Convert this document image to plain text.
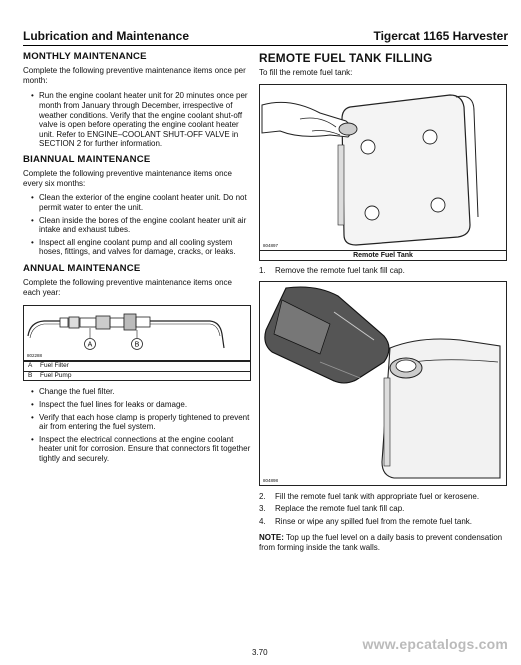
Lubrication and Maintenance	Tigercat 1165 Harvester
MONTHLY MAINTENANCE

Complete the following preventive maintenance items once per month:

• Run the engine coolant heater unit for 20 minutes once per month from January through December, irrespective of weather conditions. Verify that the engine coolant shut-off valve is open before operating the engine coolant heater unit. Refer to ENGINE–COOLANT SHUT-OFF VALVE in SECTION 2 for further information.
BIANNUAL MAINTENANCE

Complete the following preventive maintenance items once every six months:

• Clean the exterior of the engine coolant heater unit. Do not permit water to enter the unit.
• Clean inside the bores of the engine coolant heater unit air intake and exhaust tubes.
• Inspect all engine coolant pump and all cooling system hoses, fittings, and valves for damage, cracks, or leaks.
ANNUAL MAINTENANCE

Complete the following preventive maintenance items once each year:

A	B
802288
A Fuel Filter
B Fuel Pump
• Change the fuel filter.
• Inspect the fuel lines for leaks or damage.
• Verify that each hose clamp is properly tightened to prevent air from entering the fuel system.
• Inspect the electrical connections at the engine coolant heater unit for corrosion. Ensure that connectors fit together tightly and securely.
REMOTE FUEL TANK FILLING

To fill the remote fuel tank:

804897
Remote Fuel Tank
1. Remove the remote fuel tank fill cap.
804898
2. Fill the remote fuel tank with appropriate fuel or kerosene.
3. Replace the remote fuel tank fill cap.
4. Rinse or wipe any spilled fuel from the remote fuel tank.

NOTE: Top up the fuel level on a daily basis to prevent condensation from forming inside the tank walls.

www.epcatalogs.com
3.70
